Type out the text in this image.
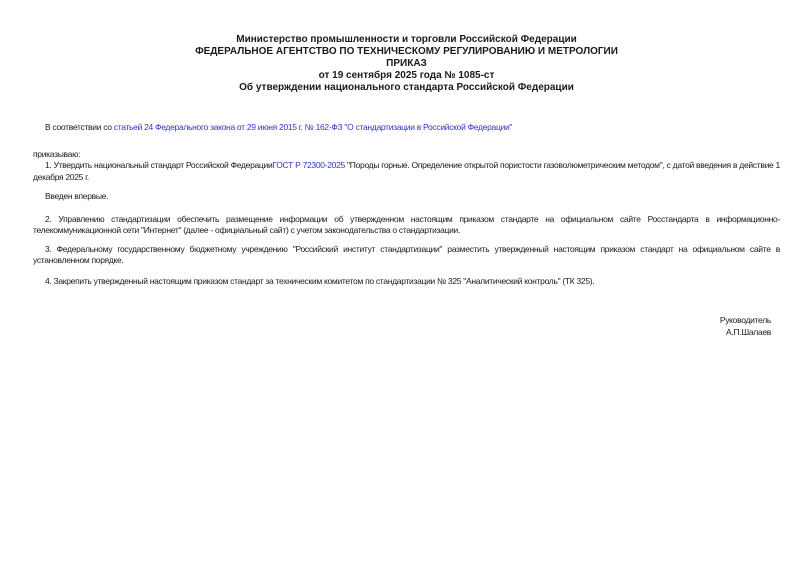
Министерство промышленности и торговли Российской Федерации
ФЕДЕРАЛЬНОЕ АГЕНТСТВО ПО ТЕХНИЧЕСКОМУ РЕГУЛИРОВАНИЮ И МЕТРОЛОГИИ
ПРИКАЗ
от 19 сентября 2025 года № 1085-ст
Об утверждении национального стандарта Российской Федерации

В соответствии со статьей 24 Федерального закона от 29 июня 2015 г. № 162-ФЗ "О стандартизации в Российской Федерации"

приказываю:

1. Утвердить национальный стандарт Российской ФедерацииГОСТ Р 72300-2025 "Породы горные. Определение открытой пористости газоволюметрическим методом", с датой введения в действие 1 декабря 2025 г.

Введен впервые.

2. Управлению стандартизации обеспечить размещение информации об утвержденном настоящим приказом стандарте на официальном сайте Росстандарта в информационно-телекоммуникационной сети "Интернет" (далее - официальный сайт) с учетом законодательства о стандартизации.

3. Федеральному государственному бюджетному учреждению "Российский институт стандартизации" разместить утвержденный настоящим приказом стандарт на официальном сайте в установленном порядке.

4. Закрепить утвержденный настоящим приказом стандарт за техническим комитетом по стандартизации № 325 "Аналитический контроль" (ТК 325).

Руководитель
А.П.Шалаев
